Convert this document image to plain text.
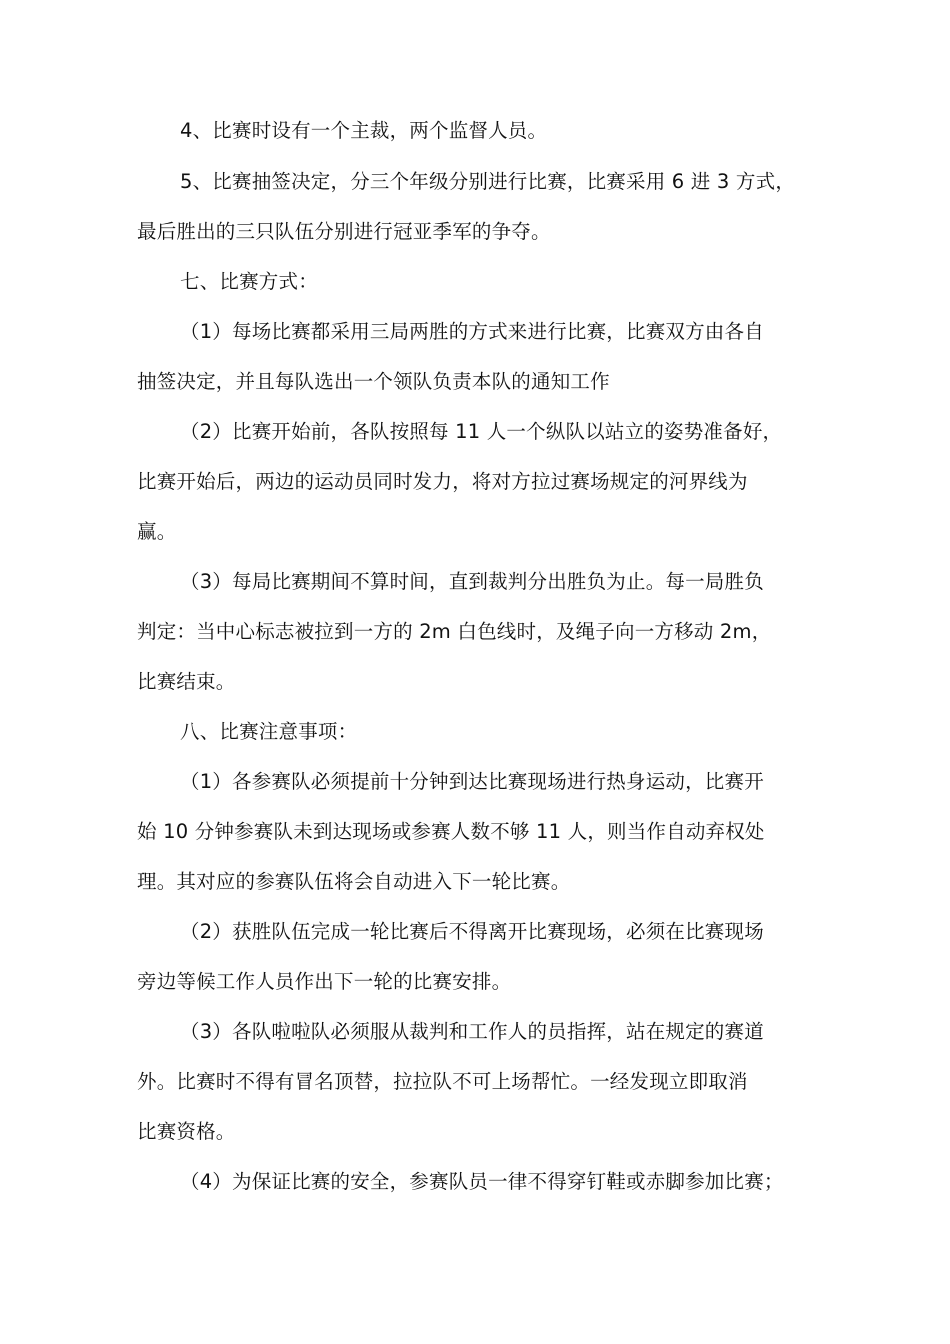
4、比赛时设有一个主裁，两个监督人员。
5、比赛抽签决定，分三个年级分别进行比赛，比赛采用 6 进 3 方式，
最后胜出的三只队伍分别进行冠亚季军的争夺。
七、比赛方式：
（1）每场比赛都采用三局两胜的方式来进行比赛，比赛双方由各自
抽签决定，并且每队选出一个领队负责本队的通知工作
（2）比赛开始前，各队按照每 11 人一个纵队以站立的姿势准备好，
比赛开始后，两边的运动员同时发力，将对方拉过赛场规定的河界线为
赢。
（3）每局比赛期间不算时间，直到裁判分出胜负为止。每一局胜负
判定：当中心标志被拉到一方的 2m 白色线时，及绳子向一方移动 2m，
比赛结束。
八、比赛注意事项：
（1）各参赛队必须提前十分钟到达比赛现场进行热身运动，比赛开
始 10 分钟参赛队未到达现场或参赛人数不够 11 人，则当作自动弃权处
理。其对应的参赛队伍将会自动进入下一轮比赛。
（2）获胜队伍完成一轮比赛后不得离开比赛现场，必须在比赛现场
旁边等候工作人员作出下一轮的比赛安排。
（3）各队啦啦队必须服从裁判和工作人的员指挥，站在规定的赛道
外。比赛时不得有冒名顶替，拉拉队不可上场帮忙。一经发现立即取消
比赛资格。
（4）为保证比赛的安全，参赛队员一律不得穿钉鞋或赤脚参加比赛；
